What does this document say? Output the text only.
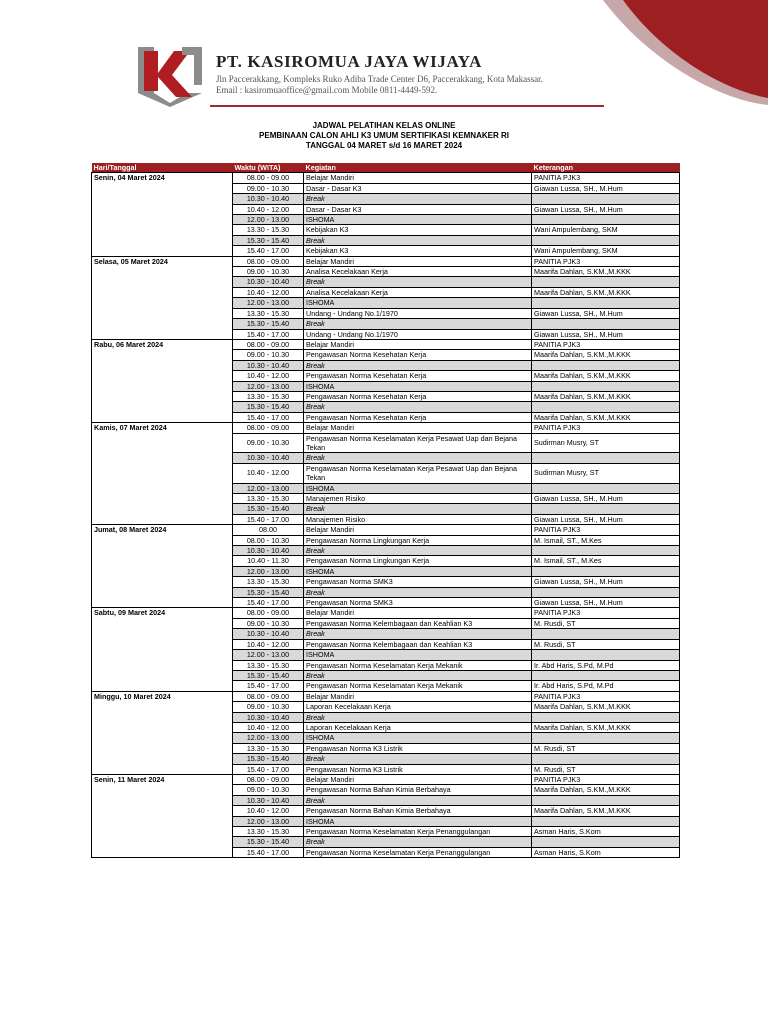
PT. KASIROMUA JAYA WIJAYA
Jln Paccerakkang, Kompleks Ruko Adiba Trade Center D6, Paccerakkang, Kota Makassar.
Email : kasiromuaoffice@gmail.com Mobile 0811-4449-592.
JADWAL PELATIHAN KELAS ONLINE
PEMBINAAN CALON AHLI K3 UMUM SERTIFIKASI KEMNAKER RI
TANGGAL 04 MARET s/d 16 MARET 2024
Hari/Tanggal	Waktu (WITA)	Kegiatan	Keterangan
Senin, 04 Maret 2024	08.00 - 09.00	Belajar Mandiri	PANITIA PJK3
	09.00 - 10.30	Dasar - Dasar K3	Giawan Lussa, SH., M.Hum
	10.30 - 10.40	Break	
	10.40 - 12.00	Dasar - Dasar K3	Giawan Lussa, SH., M.Hum
	12.00 - 13.00	ISHOMA	
	13.30 - 15.30	Kebijakan K3	Wani Ampulembang, SKM
	15.30 - 15.40	Break	
	15.40 - 17.00	Kebijakan K3	Wani Ampulembang, SKM
Selasa, 05 Maret 2024	08.00 - 09.00	Belajar Mandiri	PANITIA PJK3
	09.00 - 10.30	Analisa Kecelakaan Kerja	Maarifa Dahlan, S.KM.,M.KKK
	10.30 - 10.40	Break	
	10.40 - 12.00	Analisa Kecelakaan Kerja	Maarifa Dahlan, S.KM.,M.KKK
	12.00 - 13.00	ISHOMA	
	13.30 - 15.30	Undang - Undang No.1/1970	Giawan Lussa, SH., M.Hum
	15.30 - 15.40	Break	
	15.40 - 17.00	Undang - Undang No.1/1970	Giawan Lussa, SH., M.Hum
Rabu, 06 Maret 2024	08.00 - 09.00	Belajar Mandiri	PANITIA PJK3
	09.00 - 10.30	Pengawasan Norma Kesehatan Kerja	Maarifa Dahlan, S.KM.,M.KKK
	10.30 - 10.40	Break	
	10.40 - 12.00	Pengawasan Norma Kesehatan Kerja	Maarifa Dahlan, S.KM.,M.KKK
	12.00 - 13.00	ISHOMA	
	13.30 - 15.30	Pengawasan Norma Kesehatan Kerja	Maarifa Dahlan, S.KM.,M.KKK
	15.30 - 15.40	Break	
	15.40 - 17.00	Pengawasan Norma Kesehatan Kerja	Maarifa Dahlan, S.KM.,M.KKK
Kamis, 07 Maret 2024	08.00 - 09.00	Belajar Mandiri	PANITIA PJK3
	09.00 - 10.30	Pengawasan Norma Keselamatan Kerja Pesawat Uap dan Bejana Tekan	Sudirman Musry, ST
	10.30 - 10.40	Break	
	10.40 - 12.00	Pengawasan Norma Keselamatan Kerja Pesawat Uap dan Bejana Tekan	Sudirman Musry, ST
	12.00 - 13.00	ISHOMA	
	13.30 - 15.30	Manajemen Risiko	Giawan Lussa, SH., M.Hum
	15.30 - 15.40	Break	
	15.40 - 17.00	Manajemen Risiko	Giawan Lussa, SH., M.Hum
Jumat, 08 Maret 2024	08.00	Belajar Mandiri	PANITIA PJK3
	08.00 - 10.30	Pengawasan Norma Lingkungan Kerja	M. Ismail, ST., M.Kes
	10.30 - 10.40	Break	
	10.40 - 11.30	Pengawasan Norma Lingkungan Kerja	M. Ismail, ST., M.Kes
	12.00 - 13.00	ISHOMA	
	13.30 - 15.30	Pengawasan Norma SMK3	Giawan Lussa, SH., M.Hum
	15.30 - 15.40	Break	
	15.40 - 17.00	Pengawasan Norma SMK3	Giawan Lussa, SH., M.Hum
Sabtu, 09 Maret 2024	08.00 - 09.00	Belajar Mandiri	PANITIA PJK3
	09.00 - 10.30	Pengawasan Norma Kelembagaan dan Keahlian K3	M. Rusdi, ST
	10.30 - 10.40	Break	
	10.40 - 12.00	Pengawasan Norma Kelembagaan dan Keahlian K3	M. Rusdi, ST
	12.00 - 13.00	ISHOMA	
	13.30 - 15.30	Pengawasan Norma Keselamatan Kerja Mekanik	Ir. Abd Haris, S.Pd, M.Pd
	15.30 - 15.40	Break	
	15.40 - 17.00	Pengawasan Norma Keselamatan Kerja Mekanik	Ir. Abd Haris, S.Pd, M.Pd
Minggu, 10 Maret 2024	08.00 - 09.00	Belajar Mandiri	PANITIA PJK3
	09.00 - 10.30	Laporan Kecelakaan Kerja	Maarifa Dahlan, S.KM.,M.KKK
	10.30 - 10.40	Break	
	10.40 - 12.00	Laporan Kecelakaan Kerja	Maarifa Dahlan, S.KM.,M.KKK
	12.00 - 13.00	ISHOMA	
	13.30 - 15.30	Pengawasan Norma K3 Listrik	M. Rusdi, ST
	15.30 - 15.40	Break	
	15.40 - 17.00	Pengawasan Norma K3 Listrik	M. Rusdi, ST
Senin, 11 Maret 2024	08.00 - 09.00	Belajar Mandiri	PANITIA PJK3
	09.00 - 10.30	Pengawasan Norma Bahan Kimia Berbahaya	Maarifa Dahlan, S.KM.,M.KKK
	10.30 - 10.40	Break	
	10.40 - 12.00	Pengawasan Norma Bahan Kimia Berbahaya	Maarifa Dahlan, S.KM.,M.KKK
	12.00 - 13.00	ISHOMA	
	13.30 - 15.30	Pengawasan Norma Keselamatan Kerja Penanggulangan	Asman Haris, S.Kom
	15.30 - 15.40	Break	
	15.40 - 17.00	Pengawasan Norma Keselamatan Kerja Penanggulangan	Asman Haris, S.Kom
